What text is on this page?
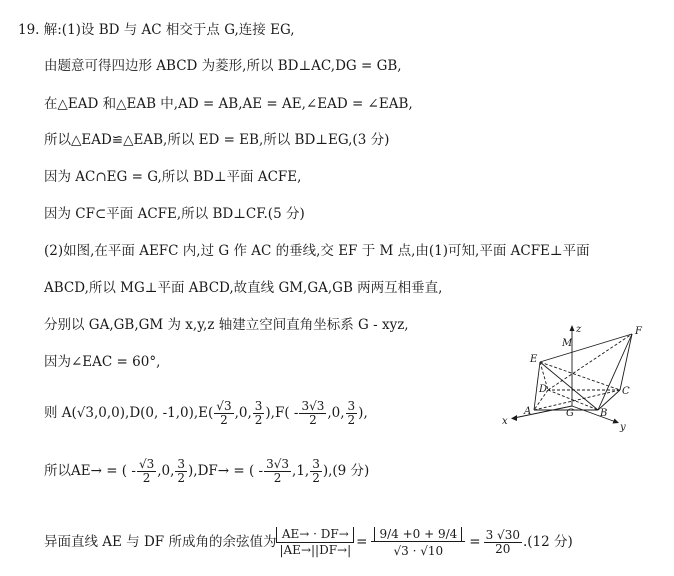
19. 解:(1)设 BD 与 AC 相交于点 G,连接 EG,
由题意可得四边形 ABCD 为菱形,所以 BD⊥AC,DG = GB,
在△EAD 和△EAB 中,AD = AB,AE = AE,∠EAD = ∠EAB,
所以△EAD≌△EAB,所以 ED = EB,所以 BD⊥EG,(3 分)
因为 AC∩EG = G,所以 BD⊥平面 ACFE,
因为 CF⊂平面 ACFE,所以 BD⊥CF.(5 分)
(2)如图,在平面 AEFC 内,过 G 作 AC 的垂线,交 EF 于 M 点,由(1)可知,平面 ACFE⊥平面
ABCD,所以 MG⊥平面 ABCD,故直线 GM,GA,GB 两两互相垂直,
分别以 GA,GB,GM 为 x,y,z 轴建立空间直角坐标系 G - xyz,
因为∠EAC = 60°,
则 A(√3,0,0),D(0, $-1,0),E( \frac{√3}{2} ,0$, $\frac{3}{2} ),F( - \frac{3√3}{2} ,0$, $\frac{3}{2}$ ),
所以AE→ = ( - $\frac{√3}{2} ,0$, $\frac{3}{2} ),DF\to$ = ( - $\frac{3√3}{2} ,1$, $\frac{3}{2} ),(9$ 分)
异面直线 AE 与 DF 所成角的余弦值为 $\frac{AE\to \cdot DF\to}{|AE\to||DF\to|} = \frac{9/4 +0 + 9/4}{√3 \cdot √10} = \frac{3 √30}{20} .(12$ 分)
z
M
F
E
D	C
A	G	B
x
y
